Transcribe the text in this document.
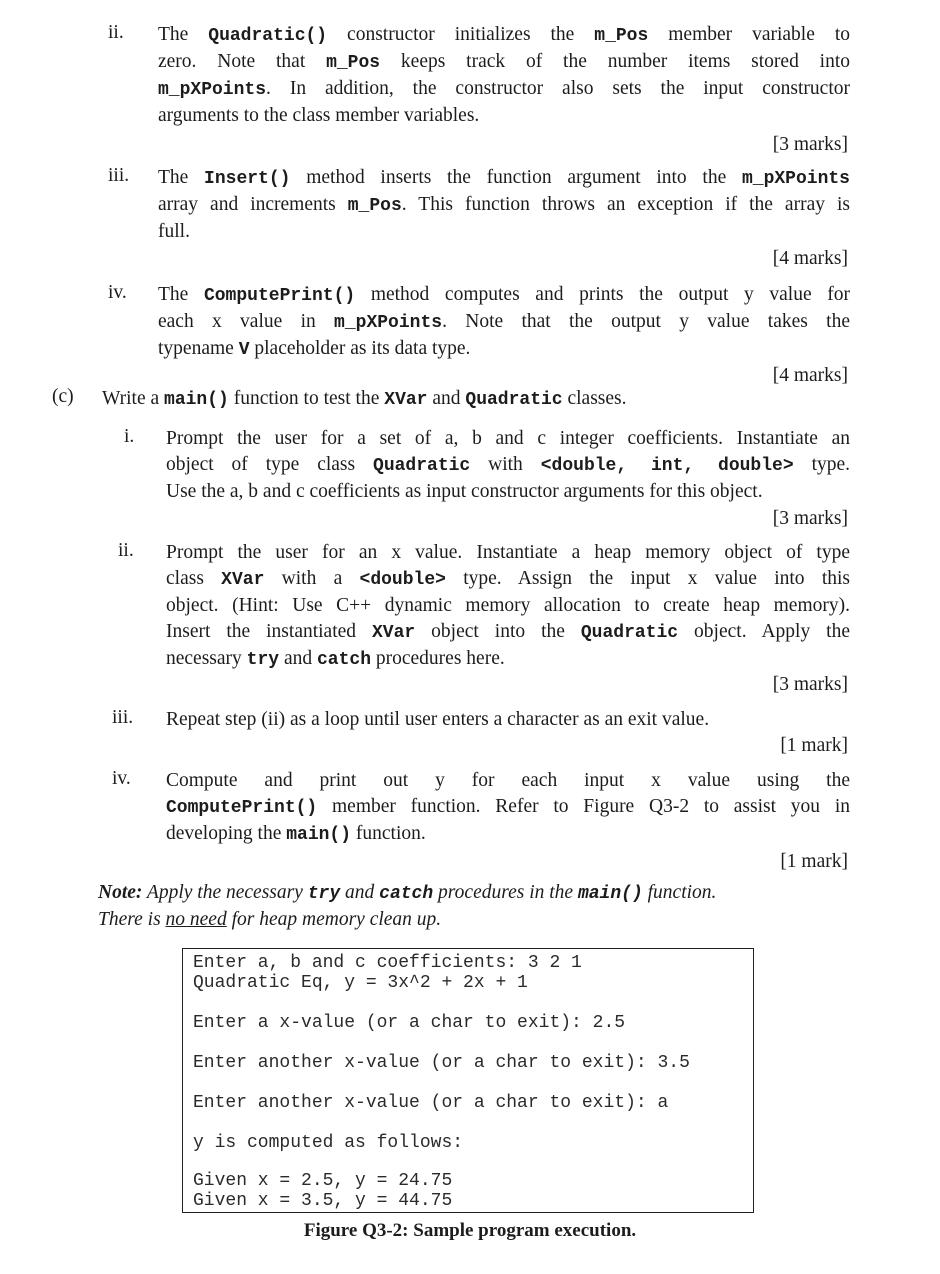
ii. The Quadratic() constructor initializes the m_Pos member variable to
zero. Note that m_Pos keeps track of the number items stored into
m_pXPoints. In addition, the constructor also sets the input constructor
arguments to the class member variables.
[3 marks]
iii. The Insert() method inserts the function argument into the m_pXPoints
array and increments m_Pos. This function throws an exception if the array is
full.
[4 marks]
iv. The ComputePrint() method computes and prints the output y value for
each x value in m_pXPoints. Note that the output y value takes the
typename V placeholder as its data type.
[4 marks]
(c) Write a main() function to test the XVar and Quadratic classes.
i. Prompt the user for a set of a, b and c integer coefficients. Instantiate an
object of type class Quadratic with <double, int, double> type.
Use the a, b and c coefficients as input constructor arguments for this object.
[3 marks]
ii. Prompt the user for an x value. Instantiate a heap memory object of type
class XVar with a <double> type. Assign the input x value into this
object. (Hint: Use C++ dynamic memory allocation to create heap memory).
Insert the instantiated XVar object into the Quadratic object. Apply the
necessary try and catch procedures here.
[3 marks]
iii. Repeat step (ii) as a loop until user enters a character as an exit value.
[1 mark]
iv. Compute and print out y for each input x value using the
ComputePrint() member function. Refer to Figure Q3-2 to assist you in
developing the main() function.
[1 mark]
Note: Apply the necessary try and catch procedures in the main() function.
There is no need for heap memory clean up.
Enter a, b and c coefficients: 3 2 1
Quadratic Eq, y = 3x^2 + 2x + 1
Enter a x-value (or a char to exit): 2.5
Enter another x-value (or a char to exit): 3.5
Enter another x-value (or a char to exit): a
y is computed as follows:
Given x = 2.5, y = 24.75
Given x = 3.5, y = 44.75
Figure Q3-2: Sample program execution.
